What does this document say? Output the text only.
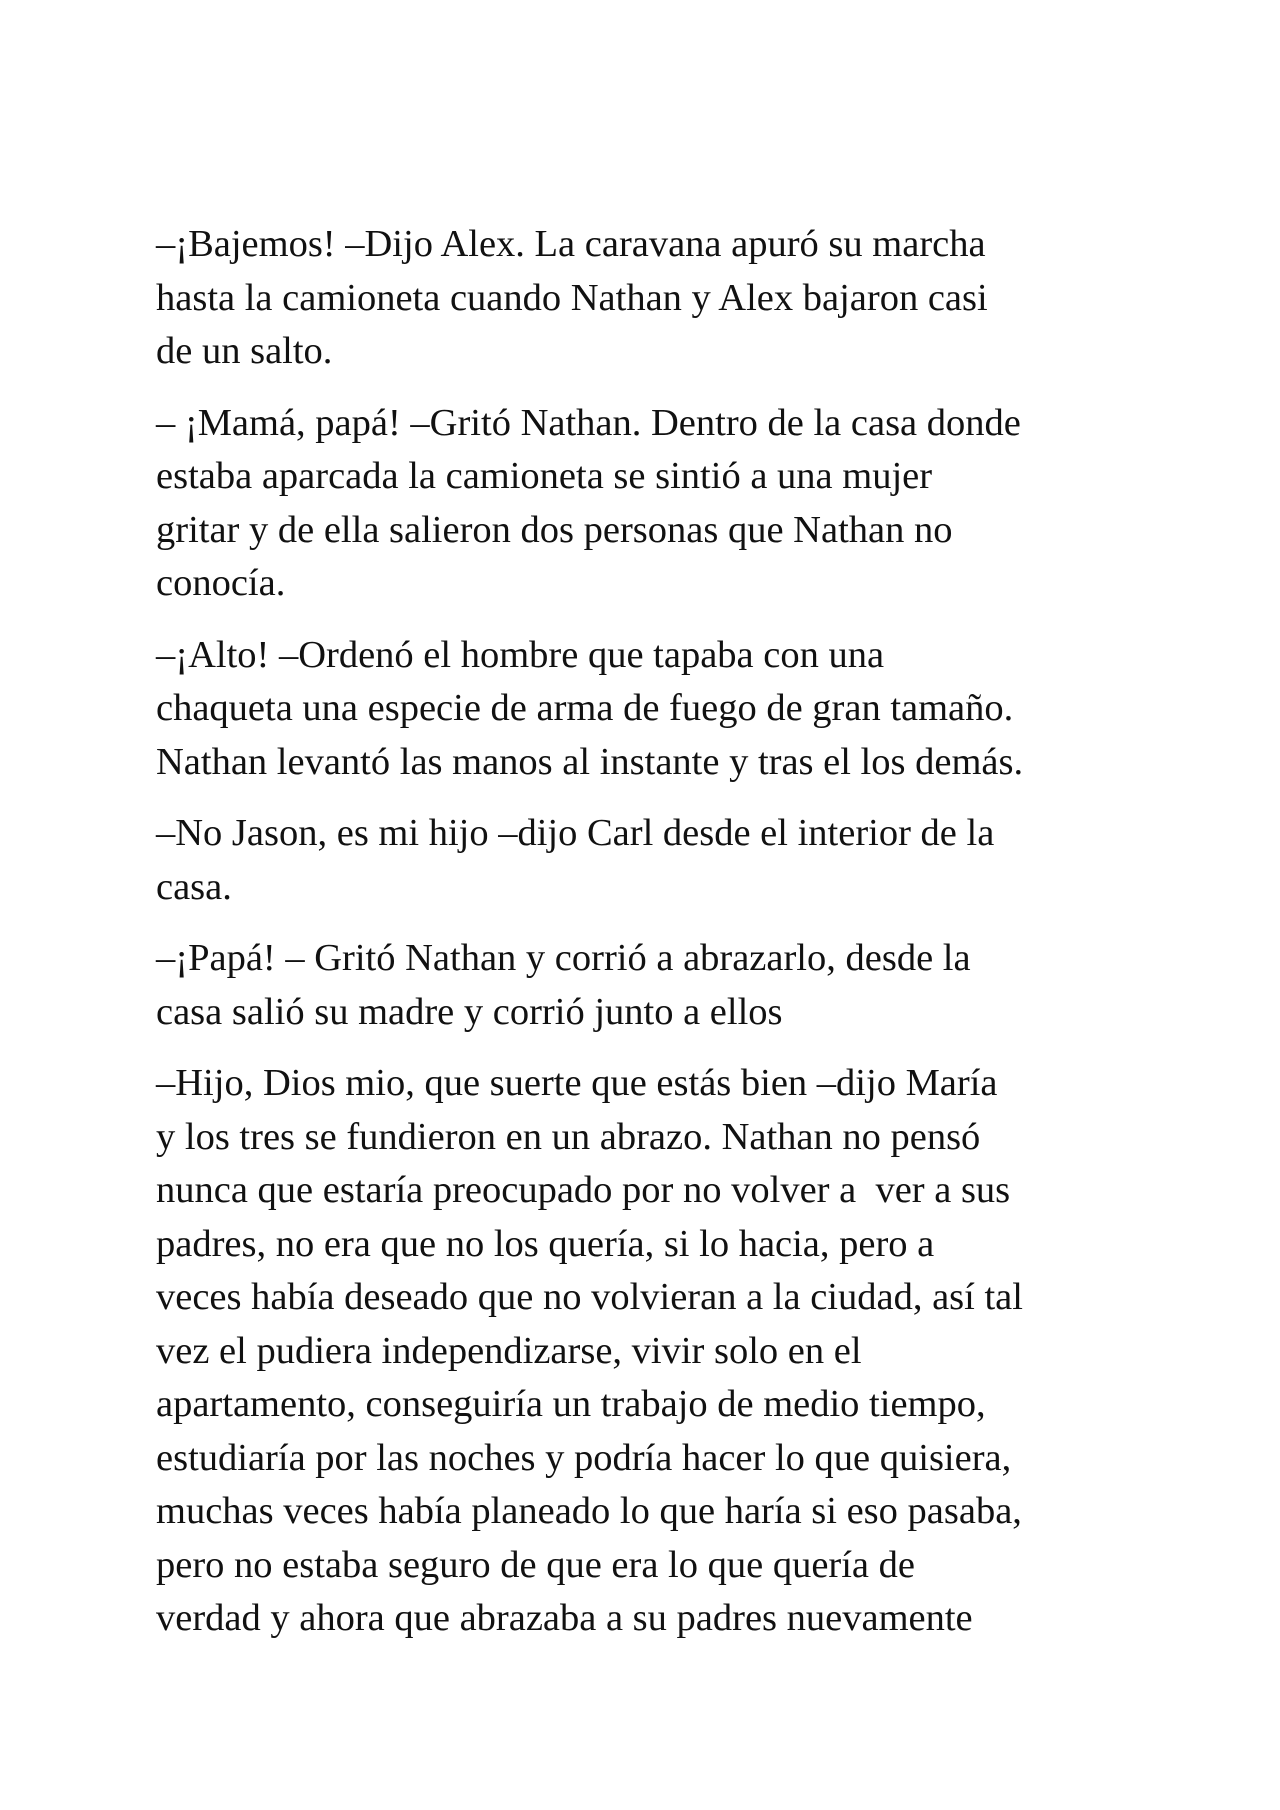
–¡Bajemos! –Dijo Alex. La caravana apuró su marcha
hasta la camioneta cuando Nathan y Alex bajaron casi
de un salto.

– ¡Mamá, papá! –Gritó Nathan. Dentro de la casa donde
estaba aparcada la camioneta se sintió a una mujer
gritar y de ella salieron dos personas que Nathan no
conocía.

–¡Alto! –Ordenó el hombre que tapaba con una
chaqueta una especie de arma de fuego de gran tamaño.
Nathan levantó las manos al instante y tras el los demás.

–No Jason, es mi hijo –dijo Carl desde el interior de la
casa.

–¡Papá! – Gritó Nathan y corrió a abrazarlo, desde la
casa salió su madre y corrió junto a ellos

–Hijo, Dios mio, que suerte que estás bien –dijo María
y los tres se fundieron en un abrazo. Nathan no pensó
nunca que estaría preocupado por no volver a  ver a sus
padres, no era que no los quería, si lo hacia, pero a
veces había deseado que no volvieran a la ciudad, así tal
vez el pudiera independizarse, vivir solo en el
apartamento, conseguiría un trabajo de medio tiempo,
estudiaría por las noches y podría hacer lo que quisiera,
muchas veces había planeado lo que haría si eso pasaba,
pero no estaba seguro de que era lo que quería de
verdad y ahora que abrazaba a su padres nuevamente
